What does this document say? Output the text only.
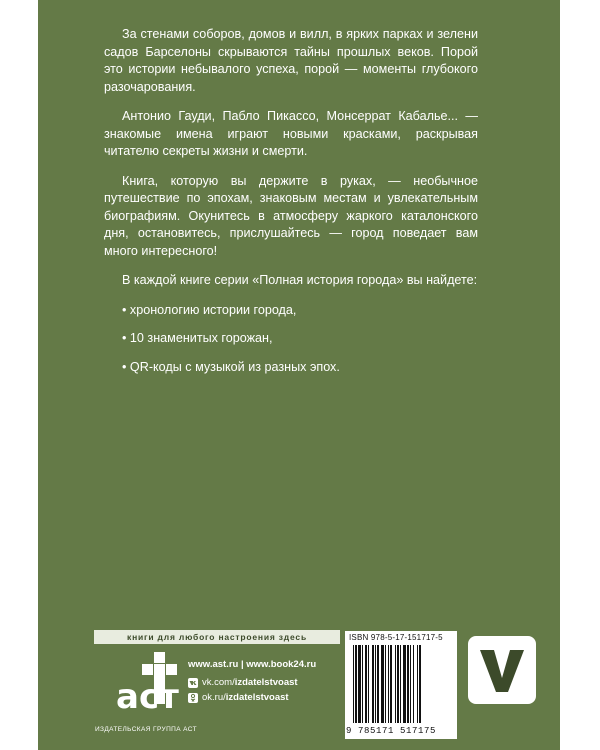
За стенами соборов, домов и вилл, в ярких парках и зелени садов Барселоны скрываются тайны прошлых веков. Порой это истории небывалого успеха, порой — моменты глубокого разочарования.

Антонио Гауди, Пабло Пикассо, Монсеррат Кабалье... — знакомые имена играют новыми красками, раскрывая читателю секреты жизни и смерти.

Книга, которую вы держите в руках, — необычное путешествие по эпохам, знаковым местам и увлекательным биографиям. Окунитесь в атмосферу жаркого каталонского дня, остановитесь, прислушайтесь — город поведает вам много интересного!

В каждой книге серии «Полная история города» вы найдете:

• хронологию истории города,
• 10 знаменитых горожан,
• QR-коды с музыкой из разных эпох.
книги для любого настроения здесь
аст
ИЗДАТЕЛЬСКАЯ ГРУППА АСТ
www.ast.ru | www.book24.ru
vk.com/ izdatelstvoast
ok.ru/ izdatelstvoast
ISBN 978-5-17-151717-5
9 785171 517175
